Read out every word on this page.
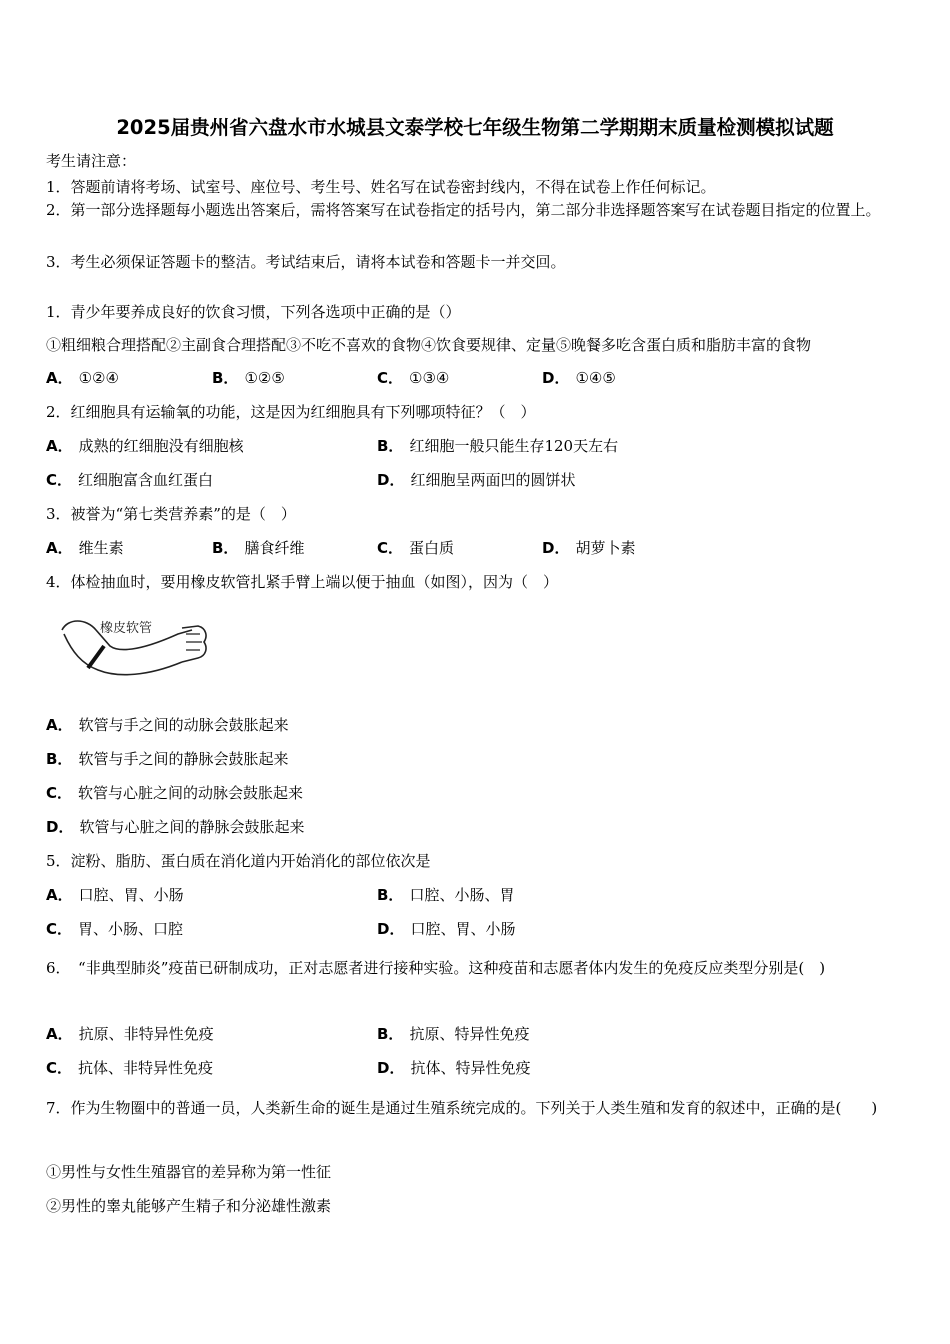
2025届贵州省六盘水市水城县文泰学校七年级生物第二学期期末质量检测模拟试题
考生请注意：
1．答题前请将考场、试室号、座位号、考生号、姓名写在试卷密封线内，不得在试卷上作任何标记。
2．第一部分选择题每小题选出答案后，需将答案写在试卷指定的括号内，第二部分非选择题答案写在试卷题目指定的位置上。
3．考生必须保证答题卡的整洁。考试结束后，请将本试卷和答题卡一并交回。
1．青少年要养成良好的饮食习惯，下列各选项中正确的是（）
①粗细粮合理搭配②主副食合理搭配③不吃不喜欢的食物④饮食要规律、定量⑤晚餐多吃含蛋白质和脂肪丰富的食物
A． ①②④	B． ①②⑤	C． ①③④	D． ①④⑤
2．红细胞具有运输氧的功能，这是因为红细胞具有下列哪项特征？（　）
A． 成熟的红细胞没有细胞核	B． 红细胞一般只能生存120天左右
C． 红细胞富含血红蛋白	D． 红细胞呈两面凹的圆饼状
3．被誉为“第七类营养素”的是（　）
A． 维生素	B． 膳食纤维	C． 蛋白质	D． 胡萝卜素
4．体检抽血时，要用橡皮软管扎紧手臂上端以便于抽血（如图），因为（　）
橡皮软管
A． 软管与手之间的动脉会鼓胀起来
B． 软管与手之间的静脉会鼓胀起来
C． 软管与心脏之间的动脉会鼓胀起来
D． 软管与心脏之间的静脉会鼓胀起来
5．淀粉、脂肪、蛋白质在消化道内开始消化的部位依次是
A． 口腔、胃、小肠	B． 口腔、小肠、胃
C． 胃、小肠、口腔	D． 口腔、胃、小肠
6．　“非典型肺炎”疫苗已研制成功，正对志愿者进行接种实验。这种疫苗和志愿者体内发生的免疫反应类型分别是(　)
A． 抗原、非特异性免疫	B． 抗原、特异性免疫
C． 抗体、非特异性免疫	D． 抗体、特异性免疫
7．作为生物圈中的普通一员，人类新生命的诞生是通过生殖系统完成的。下列关于人类生殖和发育的叙述中，正确的是(　　)
①男性与女性生殖器官的差异称为第一性征
②男性的睾丸能够产生精子和分泌雄性激素
